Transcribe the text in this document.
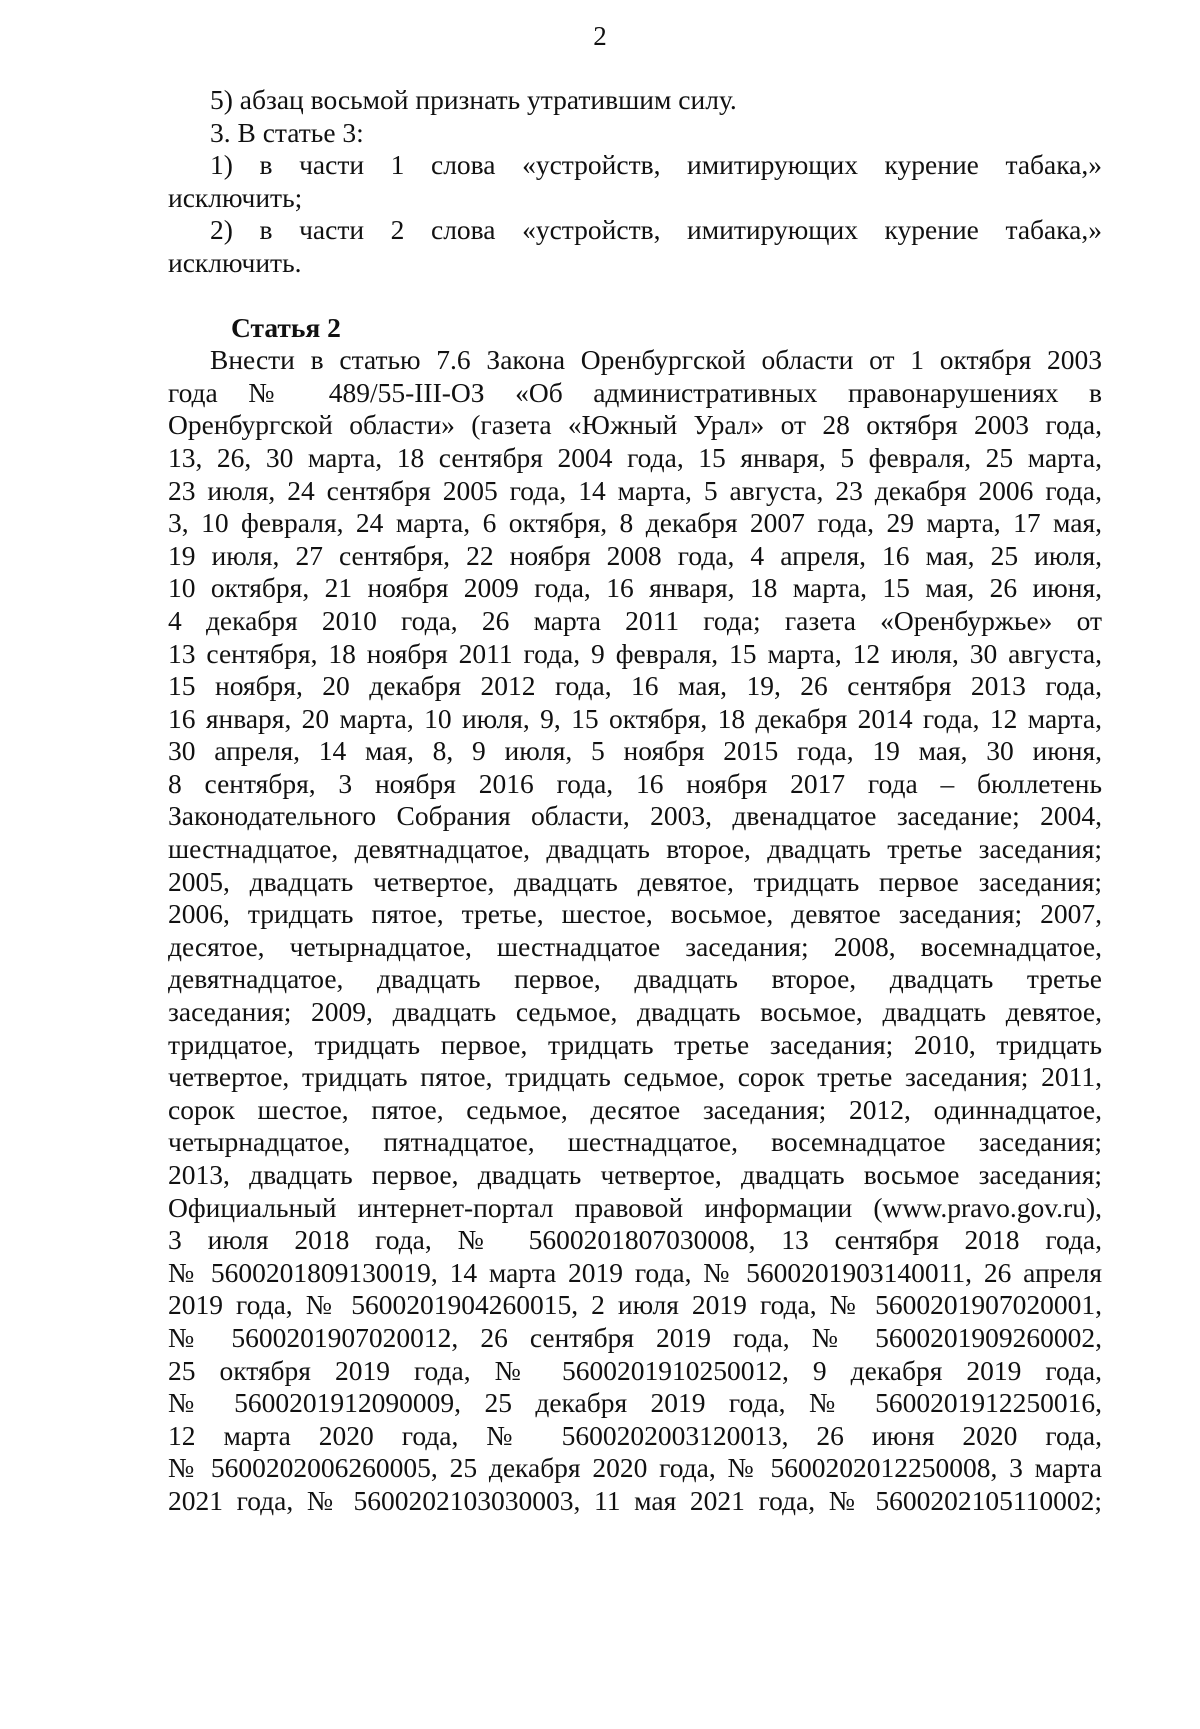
2
5) абзац восьмой признать утратившим силу.
3. В статье 3:
1) в части 1 слова «устройств, имитирующих курение табака,»
исключить;
2) в части 2 слова «устройств, имитирующих курение табака,»
исключить.
Статья 2
Внести в статью 7.6 Закона Оренбургской области от 1 октября 2003
года № 489/55-III-ОЗ «Об административных правонарушениях в
Оренбургской области» (газета «Южный Урал» от 28 октября 2003 года,
13, 26, 30 марта, 18 сентября 2004 года, 15 января, 5 февраля, 25 марта,
23 июля, 24 сентября 2005 года, 14 марта, 5 августа, 23 декабря 2006 года,
3, 10 февраля, 24 марта, 6 октября, 8 декабря 2007 года, 29 марта, 17 мая,
19 июля, 27 сентября, 22 ноября 2008 года, 4 апреля, 16 мая, 25 июля,
10 октября, 21 ноября 2009 года, 16 января, 18 марта, 15 мая, 26 июня,
4 декабря 2010 года, 26 марта 2011 года; газета «Оренбуржье» от
13 сентября, 18 ноября 2011 года, 9 февраля, 15 марта, 12 июля, 30 августа,
15 ноября, 20 декабря 2012 года, 16 мая, 19, 26 сентября 2013 года,
16 января, 20 марта, 10 июля, 9, 15 октября, 18 декабря 2014 года, 12 марта,
30 апреля, 14 мая, 8, 9 июля, 5 ноября 2015 года, 19 мая, 30 июня,
8 сентября, 3 ноября 2016 года, 16 ноября 2017 года – бюллетень
Законодательного Собрания области, 2003, двенадцатое заседание; 2004,
шестнадцатое, девятнадцатое, двадцать второе, двадцать третье заседания;
2005, двадцать четвертое, двадцать девятое, тридцать первое заседания;
2006, тридцать пятое, третье, шестое, восьмое, девятое заседания; 2007,
десятое, четырнадцатое, шестнадцатое заседания; 2008, восемнадцатое,
девятнадцатое, двадцать первое, двадцать второе, двадцать третье
заседания; 2009, двадцать седьмое, двадцать восьмое, двадцать девятое,
тридцатое, тридцать первое, тридцать третье заседания; 2010, тридцать
четвертое, тридцать пятое, тридцать седьмое, сорок третье заседания; 2011,
сорок шестое, пятое, седьмое, десятое заседания; 2012, одиннадцатое,
четырнадцатое, пятнадцатое, шестнадцатое, восемнадцатое заседания;
2013, двадцать первое, двадцать четвертое, двадцать восьмое заседания;
Официальный интернет-портал правовой информации (www.pravo.gov.ru),
3 июля 2018 года, № 5600201807030008, 13 сентября 2018 года,
№ 5600201809130019, 14 марта 2019 года, № 5600201903140011, 26 апреля
2019 года, № 5600201904260015, 2 июля 2019 года, № 5600201907020001,
№ 5600201907020012, 26 сентября 2019 года, № 5600201909260002,
25 октября 2019 года, № 5600201910250012, 9 декабря 2019 года,
№ 5600201912090009, 25 декабря 2019 года, № 5600201912250016,
12 марта 2020 года, № 5600202003120013, 26 июня 2020 года,
№ 5600202006260005, 25 декабря 2020 года, № 5600202012250008, 3 марта
2021 года, № 5600202103030003, 11 мая 2021 года, № 5600202105110002;
